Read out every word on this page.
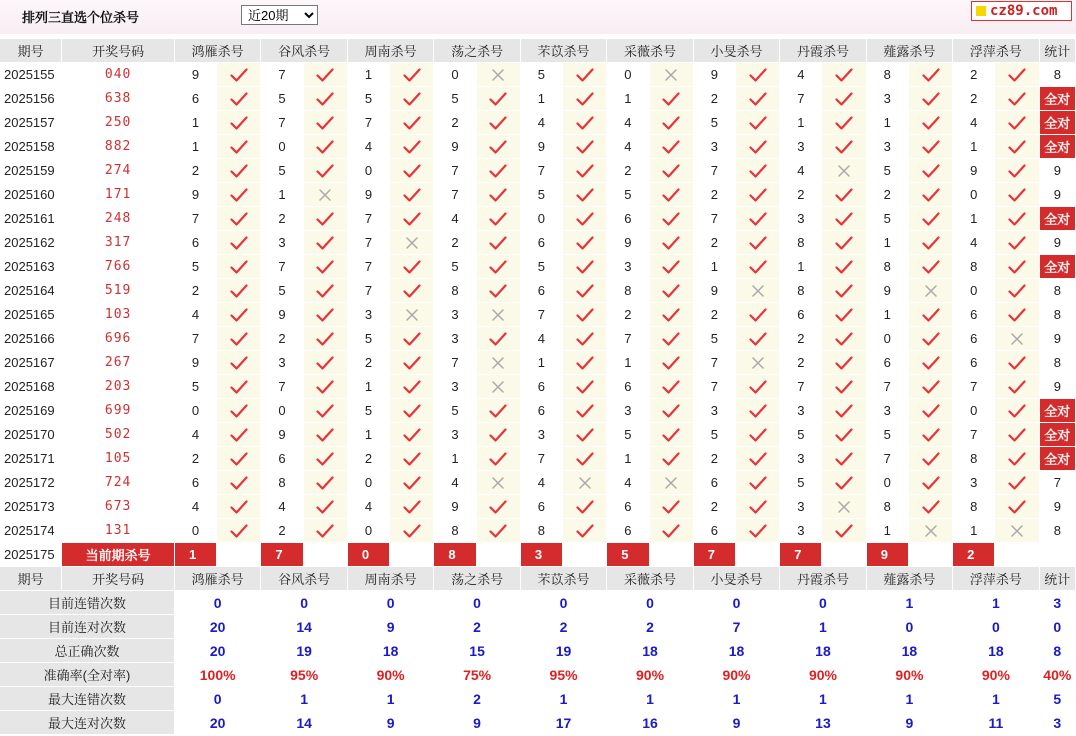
排列三直选个位杀号
近20期	cz89.com
期号	开奖号码	鸿雁杀号		谷风杀号		周南杀号		荡之杀号		芣苡杀号		采薇杀号		小旻杀号		丹霞杀号		薤露杀号		浮萍杀号		统计
2025155	040	9		7		1		0		5		0		9		4		8		2		8
2025156	638	6		5		5		5		1		1		2		7		3		2		全对
2025157	250	1		7		7		2		4		4		5		1		1		4		全对
2025158	882	1		0		4		9		9		4		3		3		3		1		全对
2025159	274	2		5		0		7		7		2		7		4		5		9		9
2025160	171	9		1		9		7		5		5		2		2		2		0		9
2025161	248	7		2		7		4		0		6		7		3		5		1		全对
2025162	317	6		3		7		2		6		9		2		8		1		4		9
2025163	766	5		7		7		5		5		3		1		1		8		8		全对
2025164	519	2		5		7		8		6		8		9		8		9		0		8
2025165	103	4		9		3		3		7		2		2		6		1		6		8
2025166	696	7		2		5		3		4		7		5		2		0		6		9
2025167	267	9		3		2		7		1		1		7		2		6		6		8
2025168	203	5		7		1		3		6		6		7		7		7		7		9
2025169	699	0		0		5		5		6		3		3		3		3		0		全对
2025170	502	4		9		1		3		3		5		5		5		5		7		全对
2025171	105	2		6		2		1		7		1		2		3		7		8		全对
2025172	724	6		8		0		4		4		4		6		5		0		3		7
2025173	673	4		4		4		9		6		6		2		3		8		8		9
2025174	131	0		2		0		8		8		6		6		3		1		1		8
2025175	当前期杀号	1		7		0		8		3		5		7		7		9		2		
期号	开奖号码	鸿雁杀号		谷风杀号		周南杀号		荡之杀号		芣苡杀号		采薇杀号		小旻杀号		丹霞杀号		薤露杀号		浮萍杀号		统计
目前连错次数		0		0		0		0		0		0		0		0		1		1		3
目前连对次数		20		14		9		2		2		2		7		1		0		0		0
总正确次数		20		19		18		15		19		18		18		18		18		18		8
准确率(全对率)		100%		95%		90%		75%		95%		90%		90%		90%		90%		90%		40%
最大连错次数		0		1		1		2		1		1		1		1		1		1		5
最大连对次数		20		14		9		9		17		16		9		13		9		11		3
